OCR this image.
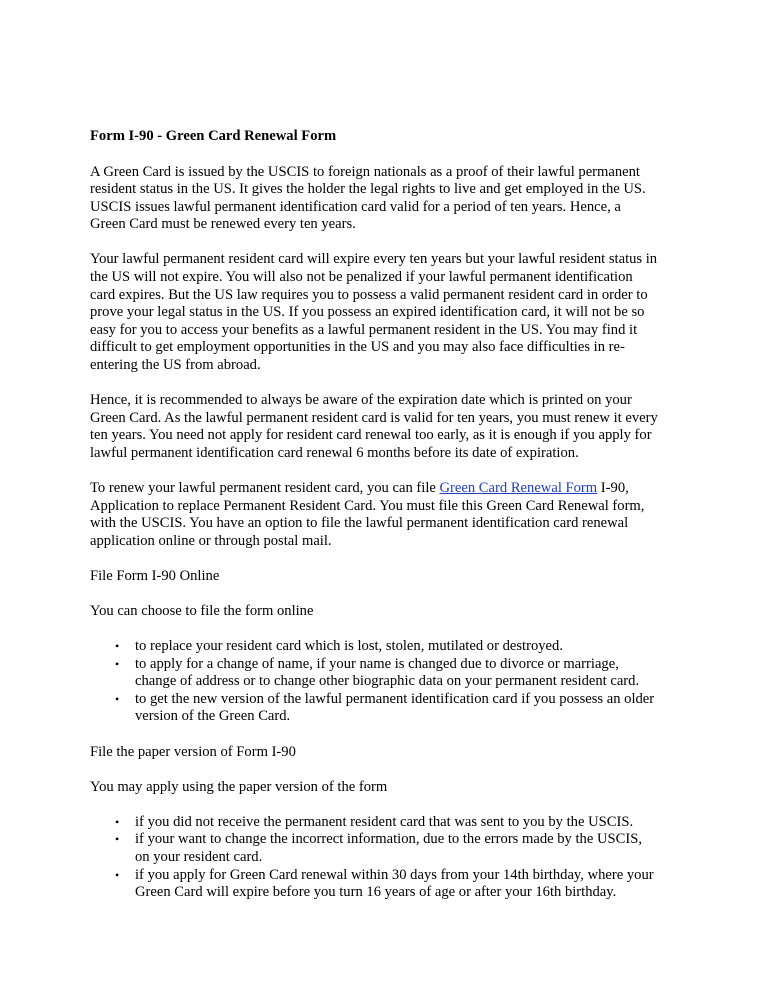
Form I-90 - Green Card Renewal Form

A Green Card is issued by the USCIS to foreign nationals as a proof of their lawful permanent resident status in the US. It gives the holder the legal rights to live and get employed in the US. USCIS issues lawful permanent identification card valid for a period of ten years. Hence, a Green Card must be renewed every ten years.

Your lawful permanent resident card will expire every ten years but your lawful resident status in the US will not expire. You will also not be penalized if your lawful permanent identification card expires. But the US law requires you to possess a valid permanent resident card in order to prove your legal status in the US. If you possess an expired identification card, it will not be so easy for you to access your benefits as a lawful permanent resident in the US. You may find it difficult to get employment opportunities in the US and you may also face difficulties in re-entering the US from abroad.

Hence, it is recommended to always be aware of the expiration date which is printed on your Green Card. As the lawful permanent resident card is valid for ten years, you must renew it every ten years. You need not apply for resident card renewal too early, as it is enough if you apply for lawful permanent identification card renewal 6 months before its date of expiration.

To renew your lawful permanent resident card, you can file Green Card Renewal Form I-90, Application to replace Permanent Resident Card. You must file this Green Card Renewal form, with the USCIS. You have an option to file the lawful permanent identification card renewal application online or through postal mail.

File Form I-90 Online

You can choose to file the form online

• to replace your resident card which is lost, stolen, mutilated or destroyed.
• to apply for a change of name, if your name is changed due to divorce or marriage, change of address or to change other biographic data on your permanent resident card.
• to get the new version of the lawful permanent identification card if you possess an older version of the Green Card.

File the paper version of Form I-90

You may apply using the paper version of the form

• if you did not receive the permanent resident card that was sent to you by the USCIS.
• if your want to change the incorrect information, due to the errors made by the USCIS, on your resident card.
• if you apply for Green Card renewal within 30 days from your 14th birthday, where your Green Card will expire before you turn 16 years of age or after your 16th birthday.
